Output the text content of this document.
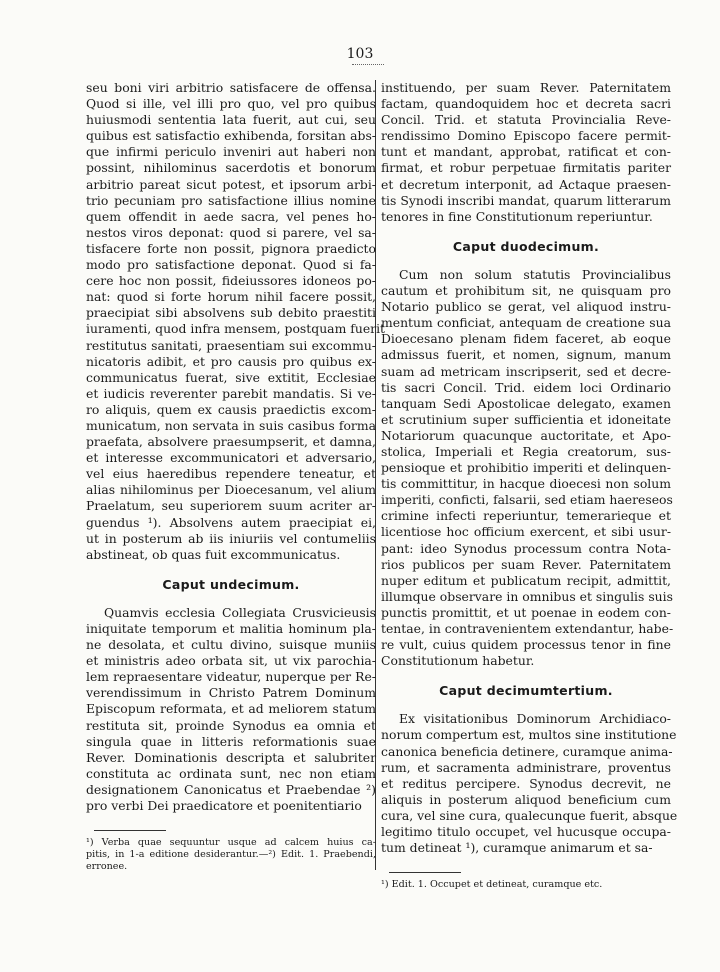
103
seu boni viri arbitrio satisfacere de offensa.
Quod si ille, vel illi pro quo, vel pro quibus
huiusmodi sententia lata fuerit, aut cui, seu
quibus est satisfactio exhibenda, forsitan abs-
que infirmi periculo inveniri aut haberi non
possint, nihilominus sacerdotis et bonorum
arbitrio pareat sicut potest, et ipsorum arbi-
trio pecuniam pro satisfactione illius nomine
quem offendit in aede sacra, vel penes ho-
nestos viros deponat: quod si parere, vel sa-
tisfacere forte non possit, pignora praedicto
modo pro satisfactione deponat. Quod si fa-
cere hoc non possit, fideiussores idoneos po-
nat: quod si forte horum nihil facere possit,
praecipiat sibi absolvens sub debito praestiti
iuramenti, quod infra mensem, postquam fuerit
restitutus sanitati, praesentiam sui excommu-
nicatoris adibit, et pro causis pro quibus ex-
communicatus fuerat, sive extitit, Ecclesiae
et iudicis reverenter parebit mandatis. Si ve-
ro aliquis, quem ex causis praedictis excom-
municatum, non servata in suis casibus forma
praefata, absolvere praesumpserit, et damna,
et interesse excommunicatori et adversario,
vel eius haeredibus rependere teneatur, et
alias nihilominus per Dioecesanum, vel alium
Praelatum, seu superiorem suum acriter ar-
guendus ¹). Absolvens autem praecipiat ei,
ut in posterum ab iis iniuriis vel contumeliis
abstineat, ob quas fuit excommunicatus.
Caput undecimum.
Quamvis ecclesia Collegiata Crusvicieusis
iniquitate temporum et malitia hominum pla-
ne desolata, et cultu divino, suisque muniis
et ministris adeo orbata sit, ut vix parochia-
lem repraesentare videatur, nuperque per Re-
verendissimum in Christo Patrem Dominum
Episcopum reformata, et ad meliorem statum
restituta sit, proinde Synodus ea omnia et
singula quae in litteris reformationis suae
Rever. Dominationis descripta et salubriter
constituta ac ordinata sunt, nec non etiam
designationem Canonicatus et Praebendae ²)
pro verbi Dei praedicatore et poenitentiario
¹) Verba quae sequuntur usque ad calcem huius ca-
pitis, in 1-a editione desiderantur.—²) Edit. 1. Praebendi,
erronee.
instituendo, per suam Rever. Paternitatem
factam, quandoquidem hoc et decreta sacri
Concil. Trid. et statuta Provincialia Reve-
rendissimo Domino Episcopo facere permit-
tunt et mandant, approbat, ratificat et con-
firmat, et robur perpetuae firmitatis pariter
et decretum interponit, ad Actaque praesen-
tis Synodi inscribi mandat, quarum litterarum
tenores in fine Constitutionum reperiuntur.
Caput duodecimum.
Cum non solum statutis Provincialibus
cautum et prohibitum sit, ne quisquam pro
Notario publico se gerat, vel aliquod instru-
mentum conficiat, antequam de creatione sua
Dioecesano plenam fidem faceret, ab eoque
admissus fuerit, et nomen, signum, manum
suam ad metricam inscripserit, sed et decre-
tis sacri Concil. Trid. eidem loci Ordinario
tanquam Sedi Apostolicae delegato, examen
et scrutinium super sufficientia et idoneitate
Notariorum quacunque auctoritate, et Apo-
stolica, Imperiali et Regia creatorum, sus-
pensioque et prohibitio imperiti et delinquen-
tis committitur, in hacque dioecesi non solum
imperiti, conficti, falsarii, sed etiam haereseos
crimine infecti reperiuntur, temerarieque et
licentiose hoc officium exercent, et sibi usur-
pant: ideo Synodus processum contra Nota-
rios publicos per suam Rever. Paternitatem
nuper editum et publicatum recipit, admittit,
illumque observare in omnibus et singulis suis
punctis promittit, et ut poenae in eodem con-
tentae, in contravenientem extendantur, habe-
re vult, cuius quidem processus tenor in fine
Constitutionum habetur.
Caput decimumtertium.
Ex visitationibus Dominorum Archidiaco-
norum compertum est, multos sine institutione
canonica beneficia detinere, curamque anima-
rum, et sacramenta administrare, proventus
et reditus percipere. Synodus decrevit, ne
aliquis in posterum aliquod beneficium cum
cura, vel sine cura, qualecunque fuerit, absque
legitimo titulo occupet, vel hucusque occupa-
tum detineat ¹), curamque animarum et sa-
¹) Edit. 1. Occupet et detineat, curamque etc.
